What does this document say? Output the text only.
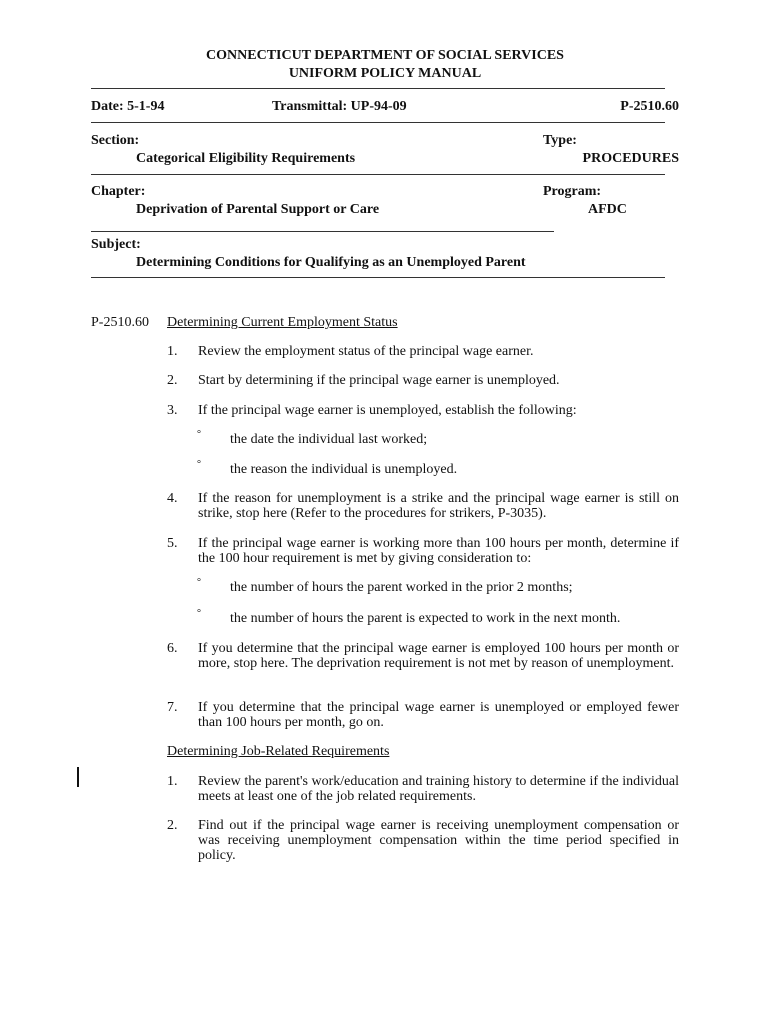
CONNECTICUT DEPARTMENT OF SOCIAL SERVICES
UNIFORM POLICY MANUAL
Date: 5-1-94	Transmittal: UP-94-09	P-2510.60
Section:
Categorical Eligibility Requirements
Type:
PROCEDURES
Chapter:
Deprivation of Parental Support or Care
Program:
AFDC
Subject:
Determining Conditions for Qualifying as an Unemployed Parent
P-2510.60 Determining Current Employment Status
1. Review the employment status of the principal wage earner.
2. Start by determining if the principal wage earner is unemployed.
3. If the principal wage earner is unemployed, establish the following:
° the date the individual last worked;
° the reason the individual is unemployed.
4. If the reason for unemployment is a strike and the principal wage earner is still on strike, stop here (Refer to the procedures for strikers, P-3035).
5. If the principal wage earner is working more than 100 hours per month, determine if the 100 hour requirement is met by giving consideration to:
° the number of hours the parent worked in the prior 2 months;
° the number of hours the parent is expected to work in the next month.
6. If you determine that the principal wage earner is employed 100 hours per month or more, stop here. The deprivation requirement is not met by reason of unemployment.
7. If you determine that the principal wage earner is unemployed or employed fewer than 100 hours per month, go on.
Determining Job-Related Requirements
1. Review the parent's work/education and training history to determine if the individual meets at least one of the job related requirements.
2. Find out if the principal wage earner is receiving unemployment compensation or was receiving unemployment compensation within the time period specified in policy.
